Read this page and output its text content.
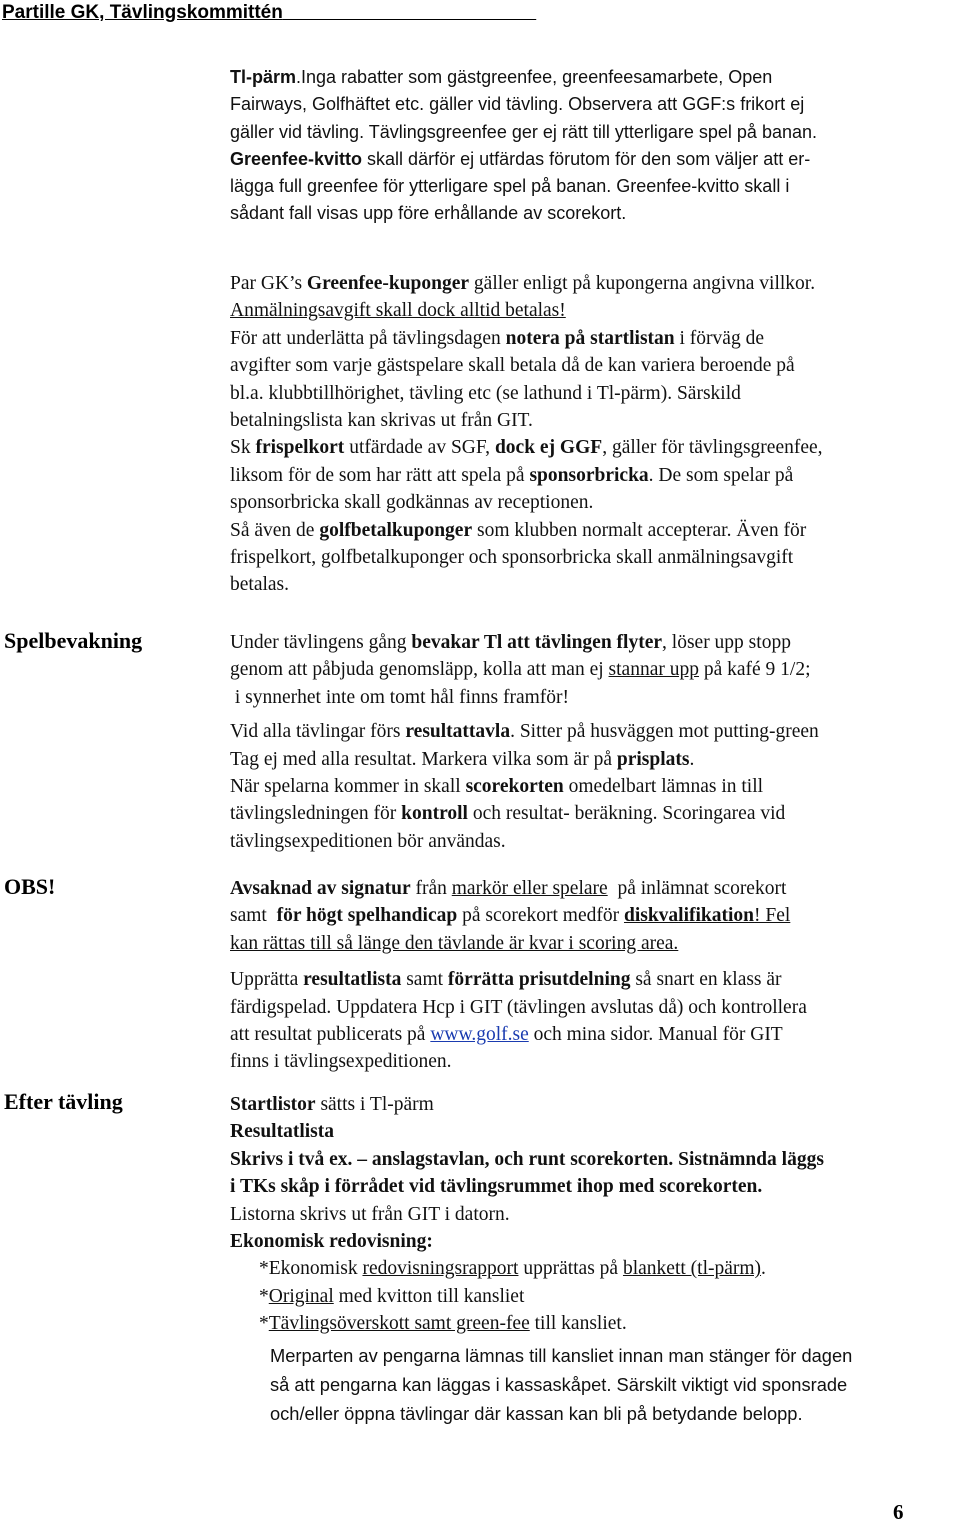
Partille GK, Tävlingskommittén
Tl-pärm.Inga rabatter som gästgreenfee, greenfeesamarbete, Open
Fairways, Golfhäftet etc. gäller vid tävling. Observera att GGF:s frikort ej
gäller vid tävling. Tävlingsgreenfee ger ej rätt till ytterligare spel på banan.
Greenfee-kvitto skall därför ej utfärdas förutom för den som väljer att er-
lägga full greenfee för ytterligare spel på banan. Greenfee-kvitto skall i
sådant fall visas upp före erhållande av scorekort.
Par GK’s Greenfee-kuponger gäller enligt på kupongerna angivna villkor.
Anmälningsavgift skall dock alltid betalas!
För att underlätta på tävlingsdagen notera på startlistan i förväg de
avgifter som varje gästspelare skall betala då de kan variera beroende på
bl.a. klubbtillhörighet, tävling etc (se lathund i Tl-pärm). Särskild
betalningslista kan skrivas ut från GIT.
Sk frispelkort utfärdade av SGF, dock ej GGF, gäller för tävlingsgreenfee,
liksom för de som har rätt att spela på sponsorbricka. De som spelar på
sponsorbricka skall godkännas av receptionen.
Så även de golfbetalkuponger som klubben normalt accepterar. Även för
frispelkort, golfbetalkuponger och sponsorbricka skall anmälningsavgift
betalas.
Spelbevakning	Under tävlingens gång bevakar Tl att tävlingen flyter, löser upp stopp
genom att påbjuda genomsläpp, kolla att man ej stannar upp på kafé 9 1/2;
i synnerhet inte om tomt hål finns framför!
Vid alla tävlingar förs resultattavla. Sitter på husväggen mot putting-green
Tag ej med alla resultat. Markera vilka som är på prisplats.
När spelarna kommer in skall scorekorten omedelbart lämnas in till
tävlingsledningen för kontroll och resultat- beräkning. Scoringarea vid
tävlingsexpeditionen bör användas.
OBS!	Avsaknad av signatur från markör eller spelare  på inlämnat scorekort
samt  för högt spelhandicap på scorekort medför diskvalifikation! Fel
kan rättas till så länge den tävlande är kvar i scoring area.
Upprätta resultatlista samt förrätta prisutdelning så snart en klass är
färdigspelad. Uppdatera Hcp i GIT (tävlingen avslutas då) och kontrollera
att resultat publicerats på www.golf.se och mina sidor. Manual för GIT
finns i tävlingsexpeditionen.
Efter tävling	Startlistor sätts i Tl-pärm
Resultatlista
Skrivs i två ex. – anslagstavlan, och runt scorekorten. Sistnämnda läggs
i TKs skåp i förrådet vid tävlingsrummet ihop med scorekorten.
Listorna skrivs ut från GIT i datorn.
Ekonomisk redovisning:
*Ekonomisk redovisningsrapport upprättas på blankett (tl-pärm).
*Original med kvitton till kansliet
*Tävlingsöverskott samt green-fee till kansliet.
Merparten av pengarna lämnas till kansliet innan man stänger för dagen
så att pengarna kan läggas i kassaskåpet. Särskilt viktigt vid sponsrade
och/eller öppna tävlingar där kassan kan bli på betydande belopp.
6
